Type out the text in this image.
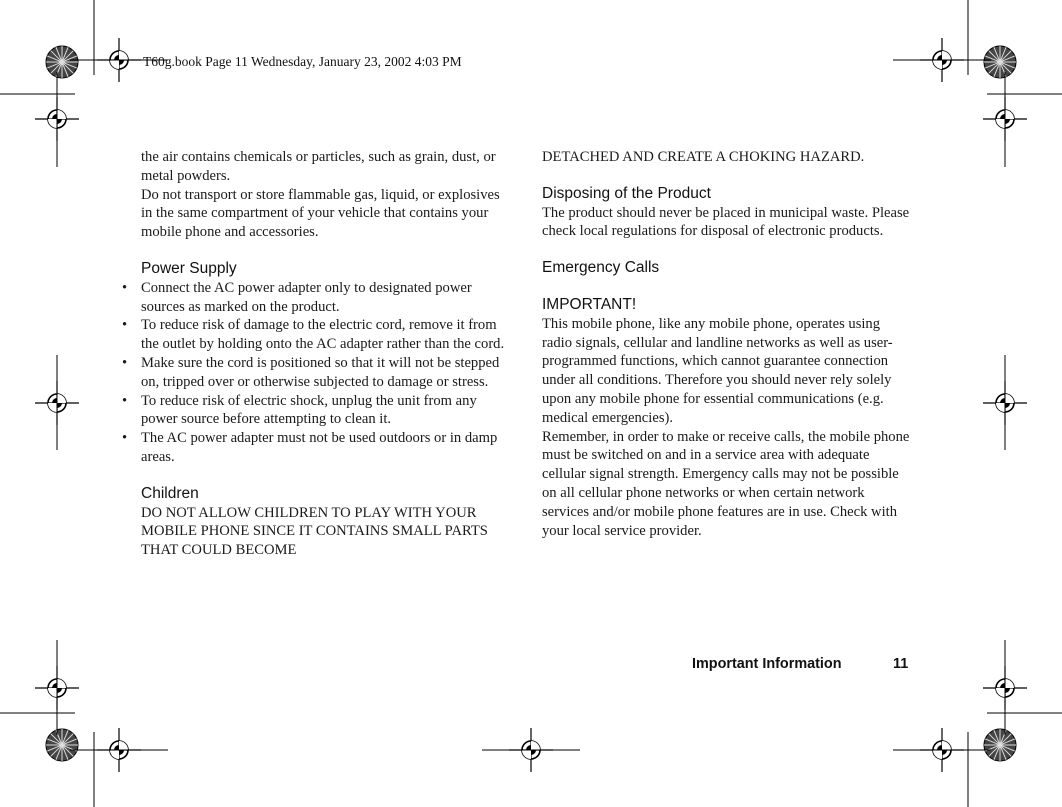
T60g.book Page 11 Wednesday, January 23, 2002 4:03 PM

the air contains chemicals or particles, such as grain, dust, or metal powders.

Do not transport or store flammable gas, liquid, or explosives in the same compartment of your vehicle that contains your mobile phone and accessories.

Power Supply
• Connect the AC power adapter only to designated power sources as marked on the product.

• To reduce risk of damage to the electric cord, remove it from the outlet by holding onto the AC adapter rather than the cord.

• Make sure the cord is positioned so that it will not be stepped on, tripped over or otherwise subjected to damage or stress.

• To reduce risk of electric shock, unplug the unit from any power source before attempting to clean it.

• The AC power adapter must not be used outdoors or in damp areas.

Children

DO NOT ALLOW CHILDREN TO PLAY WITH YOUR MOBILE PHONE SINCE IT CONTAINS SMALL PARTS THAT COULD BECOME

DETACHED AND CREATE A CHOKING HAZARD.

Disposing of the Product

The product should never be placed in municipal waste. Please check local regulations for disposal of electronic products.

Emergency Calls
IMPORTANT!

This mobile phone, like any mobile phone, operates using radio signals, cellular and landline networks as well as user-programmed functions, which cannot guarantee connection under all conditions. Therefore you should never rely solely upon any mobile phone for essential communications (e.g. medical emergencies).

Remember, in order to make or receive calls, the mobile phone must be switched on and in a service area with adequate cellular signal strength. Emergency calls may not be possible on all cellular phone networks or when certain network services and/or mobile phone features are in use. Check with your local service provider.

Important Information	11
